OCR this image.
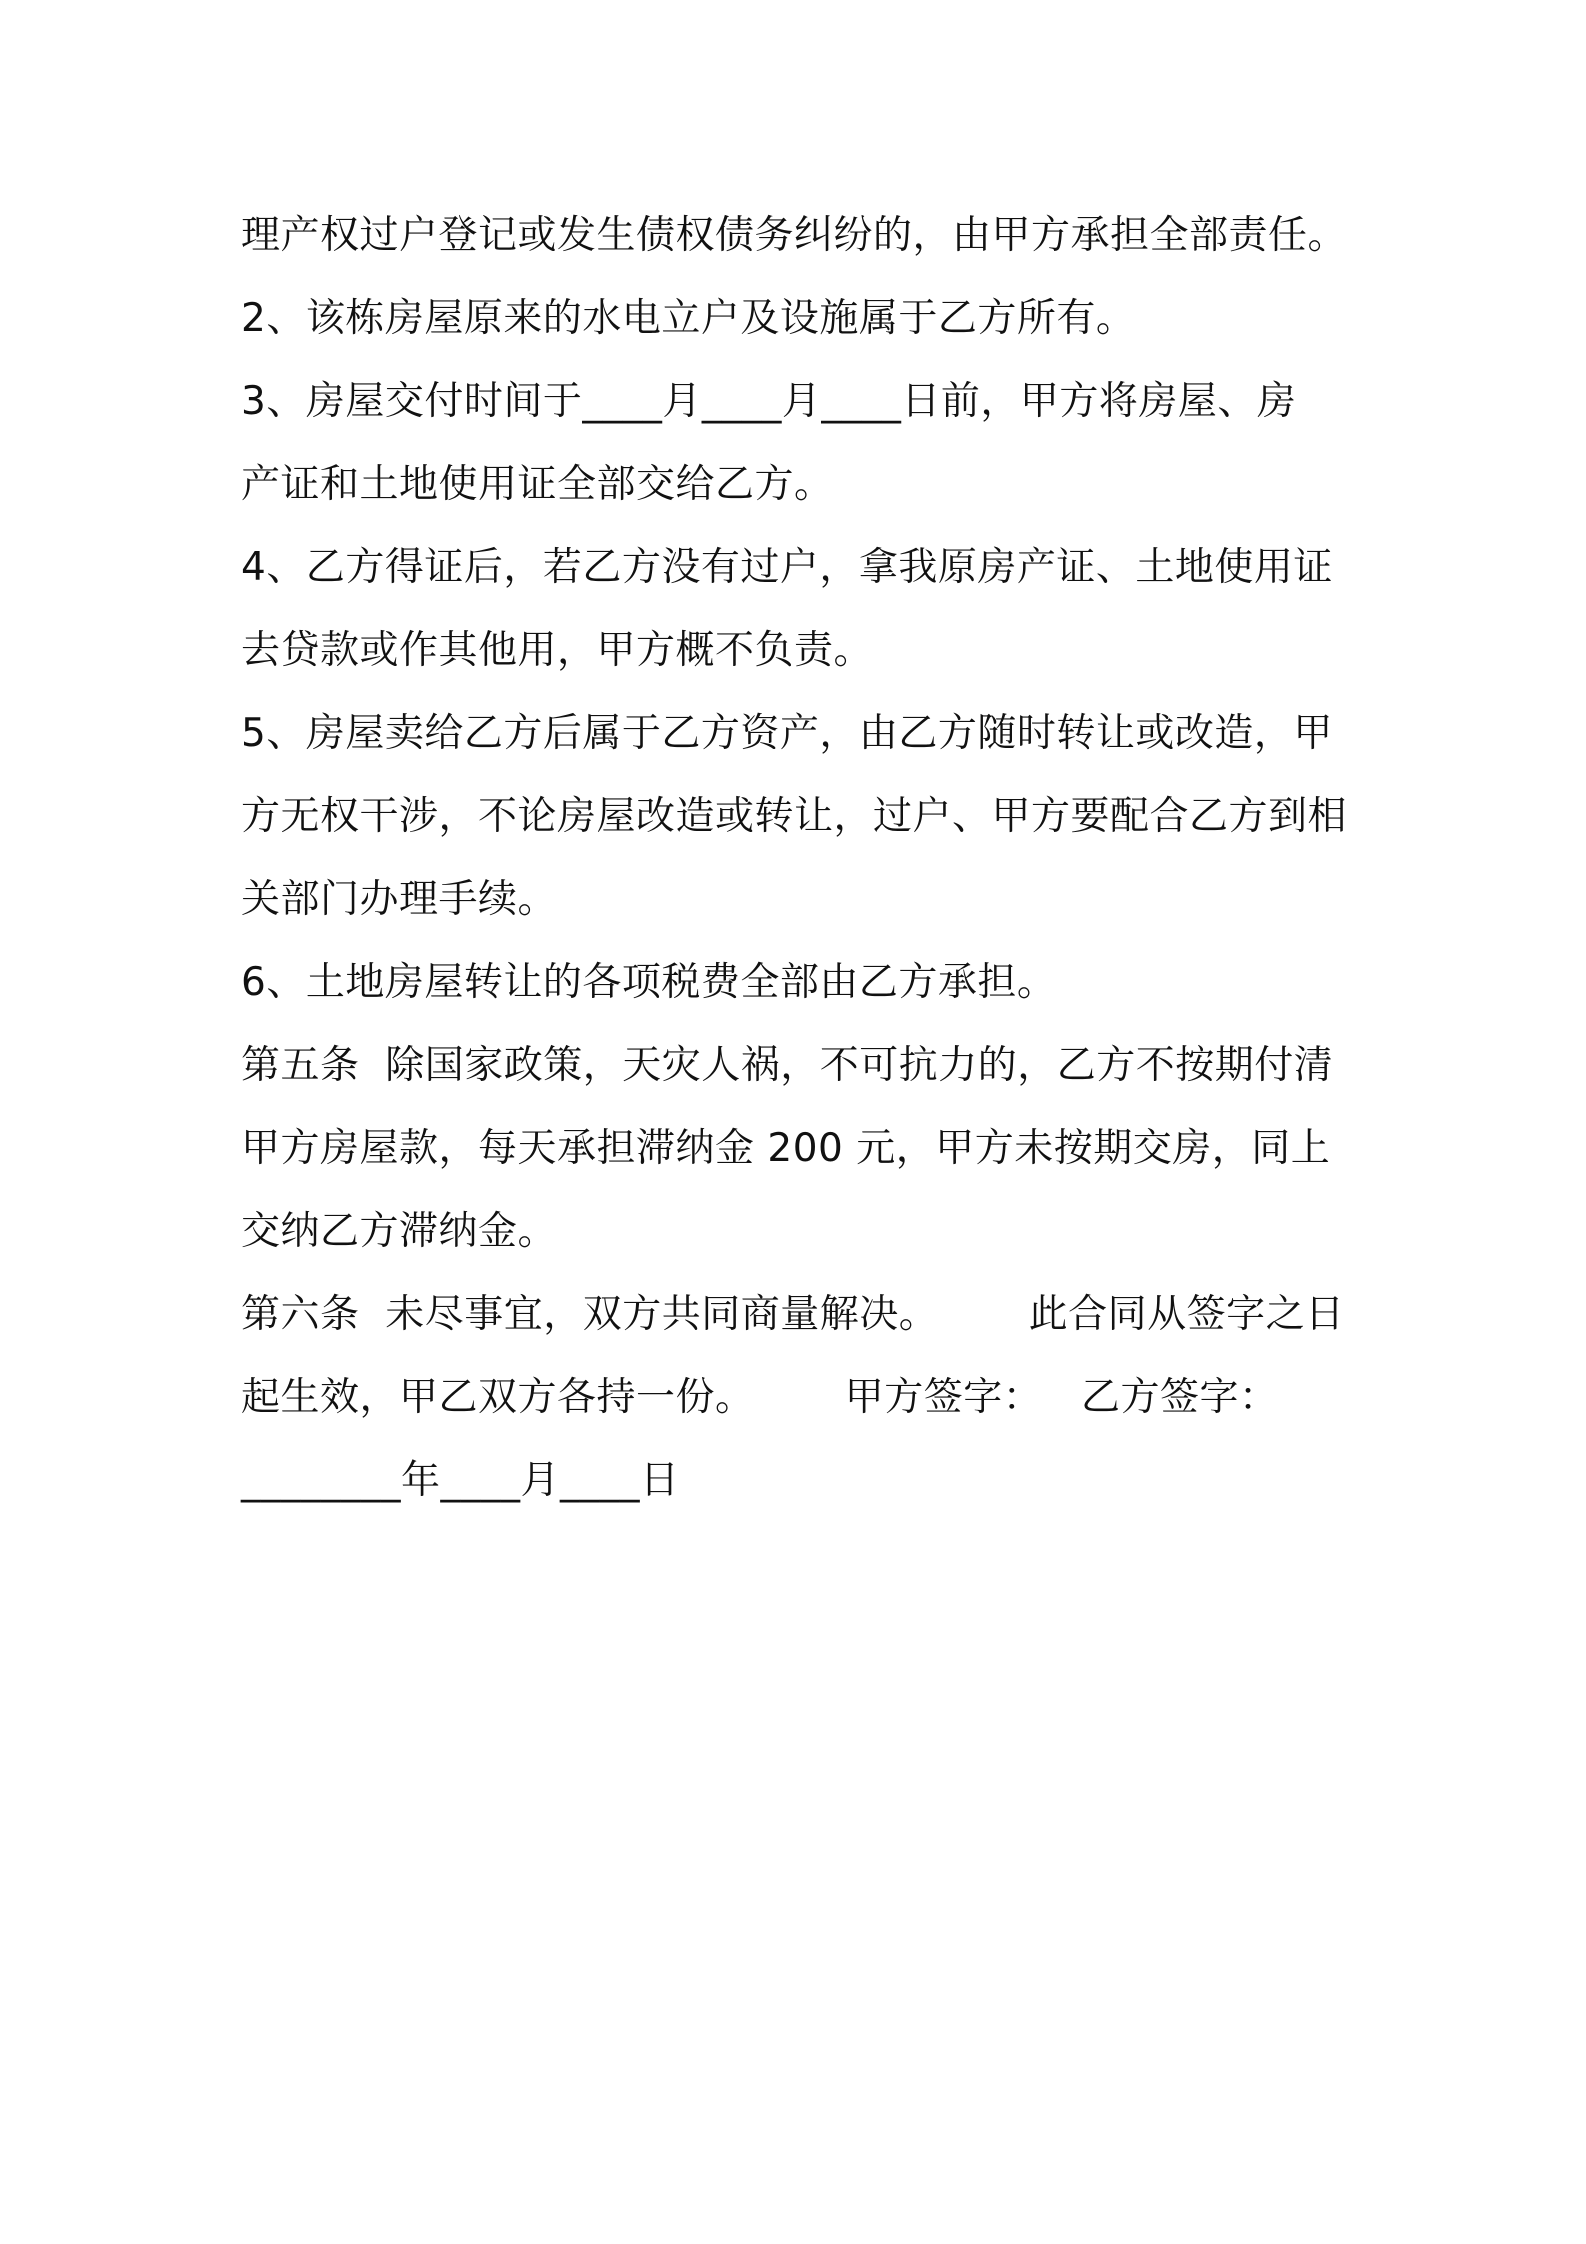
理产权过户登记或发生债权债务纠纷的，由甲方承担全部责任。
2、该栋房屋原来的水电立户及设施属于乙方所有。
3、房屋交付时间于____月____月____日前，甲方将房屋、房
产证和土地使用证全部交给乙方。
4、乙方得证后，若乙方没有过户，拿我原房产证、土地使用证
去贷款或作其他用，甲方概不负责。
5、房屋卖给乙方后属于乙方资产，由乙方随时转让或改造，甲
方无权干涉，不论房屋改造或转让，过户、甲方要配合乙方到相
关部门办理手续。
6、土地房屋转让的各项税费全部由乙方承担。
第五条  除国家政策，天灾人祸，不可抗力的，乙方不按期付清
甲方房屋款，每天承担滞纳金 200 元，甲方未按期交房，同上
交纳乙方滞纳金。
第六条  未尽事宜，双方共同商量解决。       此合同从签字之日
起生效，甲乙双方各持一份。       甲方签字：   乙方签字：
________年____月____日
